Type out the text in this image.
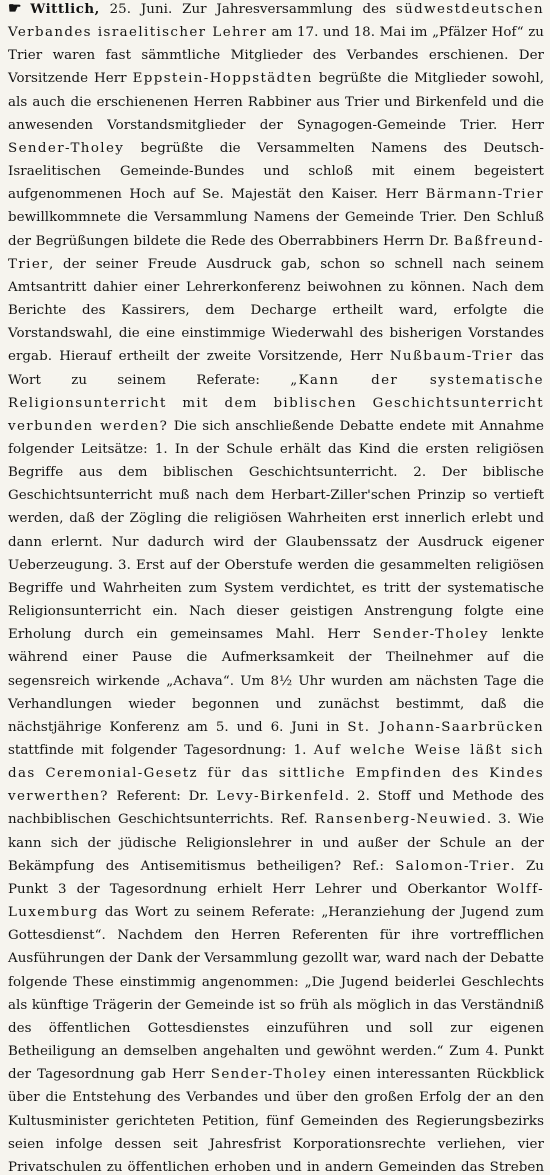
☛ Wittlich, 25. Juni. Zur Jahresversammlung des südwestdeutschen Verbandes israelitischer Lehrer am 17. und 18. Mai im „Pfälzer Hof“ zu Trier waren fast sämmtliche Mitglieder des Verbandes erschienen. Der Vorsitzende Herr Eppstein-Hoppstädten begrüßte die Mitglieder sowohl, als auch die erschienenen Herren Rabbiner aus Trier und Birkenfeld und die anwesenden Vorstandsmitglieder der Synagogen-Gemeinde Trier. Herr Sender-Tholey begrüßte die Versammelten Namens des Deutsch-Israelitischen Gemeinde-Bundes und schloß mit einem begeistert aufgenommenen Hoch auf Se. Majestät den Kaiser. Herr Bärmann-Trier bewillkommnete die Versammlung Namens der Gemeinde Trier. Den Schluß der Begrüßungen bildete die Rede des Oberrabbiners Herrn Dr. Baßfreund-Trier, der seiner Freude Ausdruck gab, schon so schnell nach seinem Amtsantritt dahier einer Lehrerkonferenz beiwohnen zu können. Nach dem Berichte des Kassirers, dem Decharge ertheilt ward, erfolgte die Vorstandswahl, die eine einstimmige Wiederwahl des bisherigen Vorstandes ergab. Hierauf ertheilt der zweite Vorsitzende, Herr Nußbaum-Trier das Wort zu seinem Referate: „Kann der systematische Religionsunterricht mit dem biblischen Geschichtsunterricht verbunden werden? Die sich anschließende Debatte endete mit Annahme folgender Leitsätze: 1. In der Schule erhält das Kind die ersten religiösen Begriffe aus dem biblischen Geschichtsunterricht. 2. Der biblische Geschichtsunterricht muß nach dem Herbart-Ziller'schen Prinzip so vertieft werden, daß der Zögling die religiösen Wahrheiten erst innerlich erlebt und dann erlernt. Nur dadurch wird der Glaubenssatz der Ausdruck eigener Ueberzeugung. 3. Erst auf der Oberstufe werden die gesammelten religiösen Begriffe und Wahrheiten zum System verdichtet, es tritt der systematische Religionsunterricht ein. Nach dieser geistigen Anstrengung folgte eine Erholung durch ein gemeinsames Mahl. Herr Sender-Tholey lenkte während einer Pause die Aufmerksamkeit der Theilnehmer auf die segensreich wirkende „Achava“. Um 8½ Uhr wurden am nächsten Tage die Verhandlungen wieder begonnen und zunächst bestimmt, daß die nächstjährige Konferenz am 5. und 6. Juni in St. Johann-Saarbrücken stattfinde mit folgender Tagesordnung: 1. Auf welche Weise läßt sich das Ceremonial-Gesetz für das sittliche Empfinden des Kindes verwerthen? Referent: Dr. Levy-Birkenfeld. 2. Stoff und Methode des nachbiblischen Geschichtsunterrichts. Ref. Ransenberg-Neuwied. 3. Wie kann sich der jüdische Religionslehrer in und außer der Schule an der Bekämpfung des Antisemitismus betheiligen? Ref.: Salomon-Trier. Zu Punkt 3 der Tagesordnung erhielt Herr Lehrer und Oberkantor Wolff-Luxemburg das Wort zu seinem Referate: „Heranziehung der Jugend zum Gottesdienst“. Nachdem den Herren Referenten für ihre vortrefflichen Ausführungen der Dank der Versammlung gezollt war, ward nach der Debatte folgende These einstimmig angenommen: „Die Jugend beiderlei Geschlechts als künftige Trägerin der Gemeinde ist so früh als möglich in das Verständniß des öffentlichen Gottesdienstes einzuführen und soll zur eigenen Betheiligung an demselben angehalten und gewöhnt werden.“ Zum 4. Punkt der Tagesordnung gab Herr Sender-Tholey einen interessanten Rückblick über die Entstehung des Verbandes und über den großen Erfolg der an den Kultusminister gerichteten Petition, fünf Gemeinden des Regierungsbezirks seien infolge dessen seit Jahresfrist Korporationsrechte verliehen, vier Privatschulen zu öffentlichen erhoben und in andern Gemeinden das Streben
